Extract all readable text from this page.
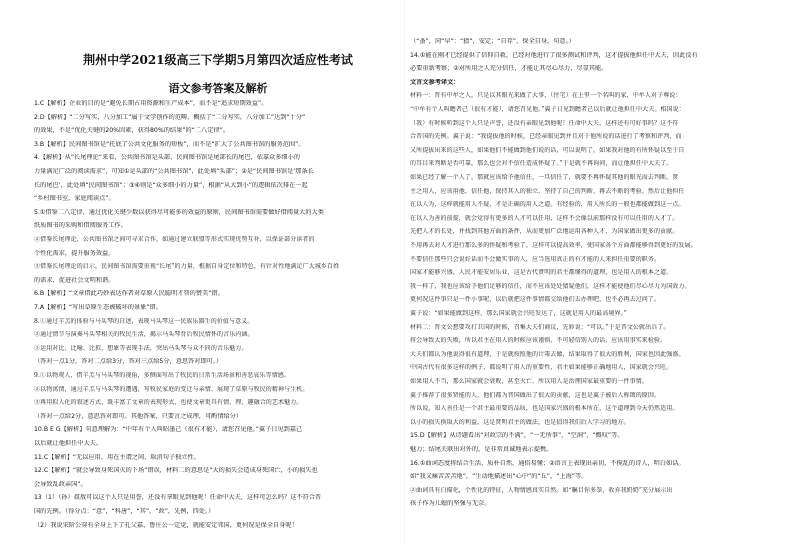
荆州中学2021级高三下学期5月第四次适应性考试
语文参考答案及解析
1.C【解析】企业的目的是“避免长期占用资源和生产成本”，而不是“追求短期效益”。
2.D【解析】“二分写实，八分加工”属于文学创作的范畴，概括了“二分写实，八分加工”达到“十分”
的效果，不是“优化关键的20%因素，获得80%的结果”的“二八定律”。
3.B【解析】民间图书馆是“托底了公共文化服务的短板”，而不是“扩大了公共图书馆的服务范围”。
4.【解析】从“长尾理论”来看，公共图书馆是头部，民间图书馆是尾部长的尾巴，依靠众多细小的
力量满足广泛的阅读需求”，可知①是头部的“公共图书馆”，此处填“头部”；②是“民间图书馆是‘那条长
长的尾巴’，此处填“民间图书馆”；③④则是“众多细小的力量”，根据“从大到小”的逻辑依次排在一起
“乡村图书室，家庭阅读点”。
5.①借鉴二八定律，通过优化关键少数以获得尽可能多的效益的原则，民间图书馆需要做好借阅量大的大类
纸质图书的采购和借阅服务工作。
②借鉴长尾理论，公共图书馆之间可寻求合作，如通过建立联盟等形式实现优势互补，以保证部分读者的
个性化需求，提升服务效益。
③借鉴长尾理论的启示，民间图书馆需要重视“长尾”的力量，根据自身定位和特色，有针对性地满足广大城乡百姓
的需求，促进社会文明和谐。
6.B【解析】“文章借此巧妙表达作者对草原人民聪明才智的赞美”错。
7.A【解析】“写出草原生态被破坏的景象”错。
8.①通过羊羔的体验与马头琴的自述，表现马头琴这一民族乐器生的价值与意义。
②通过情节与演奏马头琴相关的牧民生活，揭示马头琴背后牧民情怀的音乐内涵。
③运用对比、比喻、比拟、想象等表现手法，突出马头琴与众不同的音乐魅力。
（答对一点1分，答对二点给3分，答对三点给5分，意思答对即可。）
9.①以物观人，借羊羔与马头琴的视角，多侧面写出了牧民的日常生活场景和善恶哀乐等情感。
②以物寓情，通过羊羔与马头琴的遭遇，写牧民家庭的变迁与亲情、展现了草原与牧民的精神与生机。
③再用拟人化的叙述方式，既丰富了文章的表现形式，也使文章更具有情、理、趣融合的艺术魅力。
（答对一点给2分，意思答对即可。其他答案，只要言之成理，可酌情给分）
10.B E G【解析】句意理解为：“中年有个人叫昭墨己（很有才能），请您召见他。”翼子日见到嘉己
以后就让他担任中大夫。
11.C【解析】“无以应用，用在主谓之间，取消句子独立性。
12.C【解析】“就会导致身死国灭的下场”错误，材料二的意思是“大的损失会造成身死国亡，小的损失也
会导致乱政亲国”。
13（1）（孙）叔敖可以这个人只是用誉，还没有拿眼见到他呢！任命中大夫，这样可怎么吗？这不符合晋
国的先例。（得分点：“意”，“科唐”，“其”，“政”，先例，四处。）
（2）我说宋阶公穿有全身上下了孔父嘉，鲁庄公一定觉，就能安定邻国，更何况是保全自身呢！
（“蚤”，同“早”：“猜”，安定；“自存”，保全自身。句意。）
14.①能在刚才已经提供了信仰自救，已经对他进行了很多测试和评判，这才提拔他担任中大夫，因此没有
必要重新考察；②对所用之人充分信任，才能让其尽心尽力，尽显其能。
文言文参考译文：
材料一：晋有中牟之人，只是以其眼光来做了大事，（住宅）在上里一个名叫的家，中牟人对子尊说：
“中牟有个人叫瞻者己（很有才能），请您召见他。”翼子日见到瞻者己以后就让他担任中大夫。相国说：
（我）有时候听到这个人只是声誉，还没有亲眼见到他呢！任命中大夫，这样还有可好事吗？这不符
合晋国的先例。翼子说：“我提拔他的时候，已经亲眼见到并且对于他所说的话进行了考察和评判，而
又所提拔出来的这些人，如果他们不能做到他们说的话，可以说明了，如果我对他的有所怀疑以至于自
的耳目来判断是否可靠，那么也会对不信任造成怀疑了。”于是就不再询问，而让他担任中大夫了。
如果已经了解一个人了，那就应该给予他信任，一旦信任了，就要不再怀疑其他的眼光而去判断。贤
主之用人，应该用他、信任他，保持其人的独立，坚持了自己的判断，再去不断的考验。然后让他担任
在以人为，这样就能用人不疑，才是正确的用人之道。有经验的，用人所长的一般也都能做到这一点。
在以人为善的前提，就会觉得有更多的人才可以任用，这样不会像以前那样没有可以任用的人才了。
先把人才的长处，并找到其他方面的条件，从而更加广泛地运用各种人才，为国家做出更多的贡献。
不用再去对人才进行那么多的怀疑和考验了，这样可以提高效率，使国家各个方面都能够得到更好的发展。
不要信任那些只会说好话而不会做实事的人，应当选用真正的有才能的人来担任重要的职务。
国家才能够兴盛，人民才能安居乐业，这是古代贤明的君主都懂得的道理，也是用人的根本之道。
我一样了，我也应该给予他们足够的信任，而不应该处处猜疑他们，这样才能使他们尽心尽力为国效力。
更何况这件事只是一件小事呢，以后就把这件事情都交给他们去办理吧，也不必再去过问了。
翼子说：“如果能做到这样，那么国家就会兴旺发达了，这就是用人的最高境界。”
材料二：晋文公想要攻打卫国的时候，召集大夫们商议，先轸说：“可以。”于是晋文公就出兵了。
将会导致大的失败，所以君主在用人的时候应该谨慎，不可轻信别人的话，应该用事实来检验。
大夫们都认为他说得很有道理，于是就按照他的计策去做，结果取得了很大的胜利，国家也因此强盛。
中国古代有很多这样的例子，都说明了用人的重要性，君主如果能够正确地用人，国家就会兴旺。
如果用人不当，那么国家就会衰败，甚至灭亡，所以用人是治理国家最重要的一件事情。
翼子推荐了很多贤能的人，他们都为晋国做出了很大的贡献，这也是翼子被后人称颂的原因。
所以说，知人善任是一个君主最重要的品质，也是国家兴盛的根本所在，这个道理到今天仍然适用。
以小的损失换取大的利益，这是贤明君主的做法，也是值得我们后人学习的地方。
15.D【解析】从诗题看出“对政宗的不满”，“一无所事”，“空洞”，“慨叹”等。
魅力；结尾关联出对外的，是非常真诚地表示提携。
16.①曲词态度将结合生活，质朴自然，通俗易懂；②语言上表现出亲切，不搅乱的诗人，明白如话。
如“我又痛苦苦苦地”，“生动地描述出“心中”的“丘”，“上海”等。
②曲词具有白描化，个性化的特征，人物情感真实自然。如“瞩目你多拳，收弃我奶奶”充分展示出
孩子作为儿媳的坚强与无奈。
